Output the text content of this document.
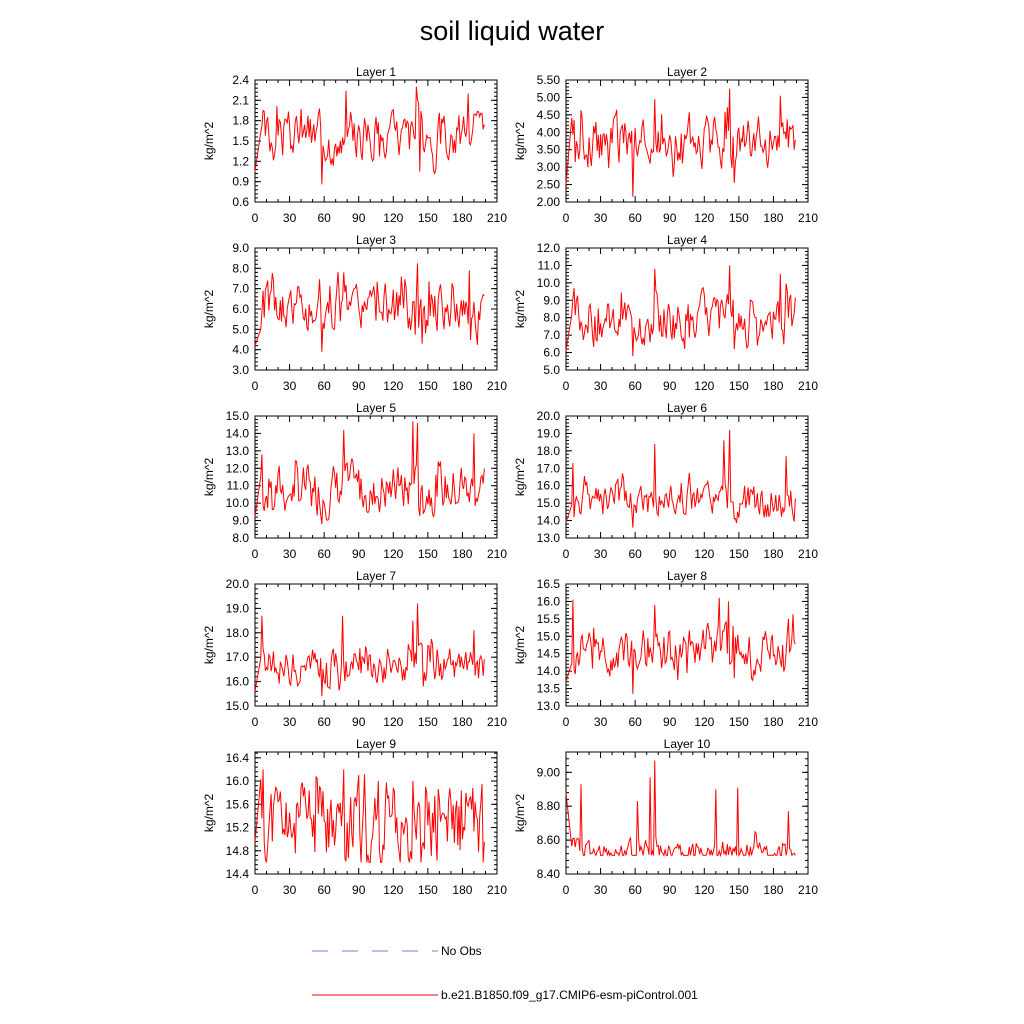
soil liquid water
Layer 1
0 30 60 90 120 150 180 210
0.6
0.9
1.2
1.5
1.8
2.1
2.4
kg/m^2
Layer 2
0 30 60 90 120 150 180 210
2.00
2.50
3.00
3.50
4.00
4.50
5.00
5.50
kg/m^2
Layer 3
0 30 60 90 120 150 180 210
3.0
4.0
5.0
6.0
7.0
8.0
9.0
kg/m^2
Layer 4
0 30 60 90 120 150 180 210
5.0
6.0
7.0
8.0
9.0
10.0
11.0
12.0
kg/m^2
Layer 5
0 30 60 90 120 150 180 210
8.0
9.0
10.0
11.0
12.0
13.0
14.0
15.0
kg/m^2
Layer 6
0 30 60 90 120 150 180 210
13.0
14.0
15.0
16.0
17.0
18.0
19.0
20.0
kg/m^2
Layer 7
0 30 60 90 120 150 180 210
15.0
16.0
17.0
18.0
19.0
20.0
kg/m^2
Layer 8
0 30 60 90 120 150 180 210
13.0
13.5
14.0
14.5
15.0
15.5
16.0
16.5
kg/m^2
Layer 9
0 30 60 90 120 150 180 210
14.4
14.8
15.2
15.6
16.0
16.4
kg/m^2
Layer 10
0 30 60 90 120 150 180 210
8.40
8.60
8.80
9.00
kg/m^2
No Obs
b.e21.B1850.f09_g17.CMIP6-esm-piControl.001
